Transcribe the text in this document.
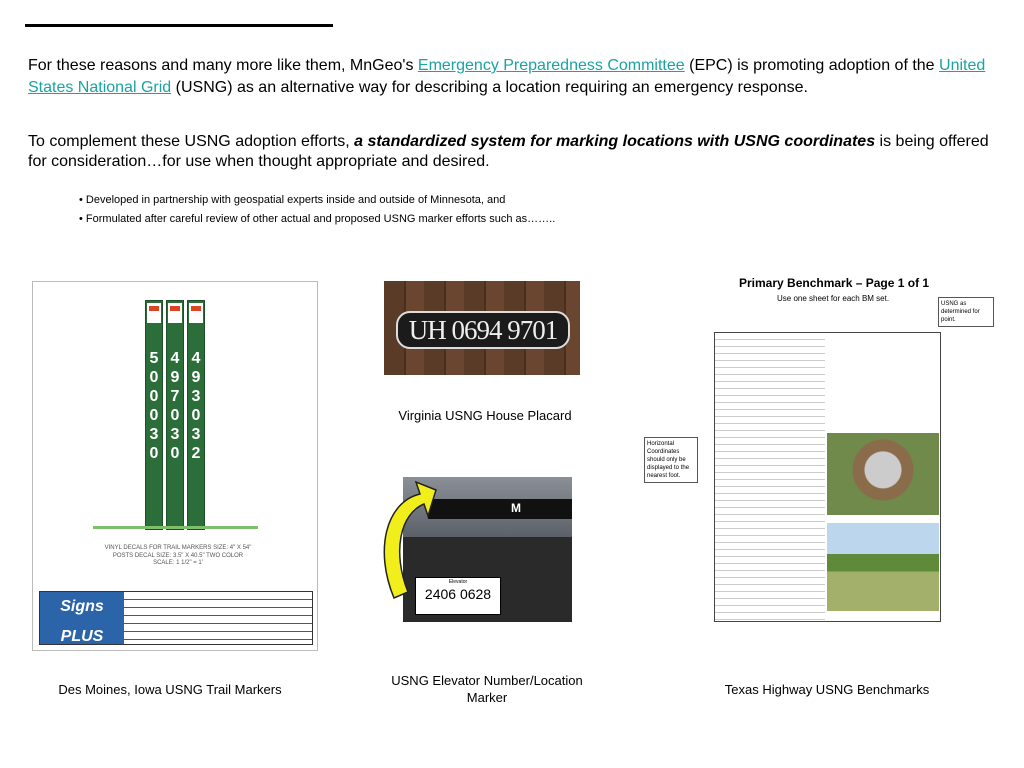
For these reasons and many more like them, MnGeo's Emergency Preparedness Committee (EPC) is promoting adoption of the United States National Grid (USNG) as an alternative way for describing a location requiring an emergency response.
To complement these USNG adoption efforts, a standardized system for marking locations with USNG coordinates is being offered for consideration…for use when thought appropriate and desired.
• Developed in partnership with geospatial experts inside and outside of Minnesota, and
• Formulated after careful review of other actual and proposed USNG marker efforts such as……..
5 0 0 0 3 0
4 9 7 0 3 0
4 9 3 0 3 2
VINYL DECALS FOR TRAIL MARKERS SIZE: 4" X 54" POSTS DECAL SIZE: 3.5" X 40.5" TWO COLOR SCALE: 1 1/2" = 1'
Signs PLUS
Des Moines, Iowa USNG Trail Markers
UH 0694 9701
Virginia USNG House Placard
M
Elevator
2406 0628
USNG Elevator Number/Location Marker
Primary Benchmark – Page 1 of 1
Use one sheet for each BM set.
USNG as determined for point.
Horizontal Coordinates should only be displayed to the nearest foot.
Texas Highway USNG Benchmarks
